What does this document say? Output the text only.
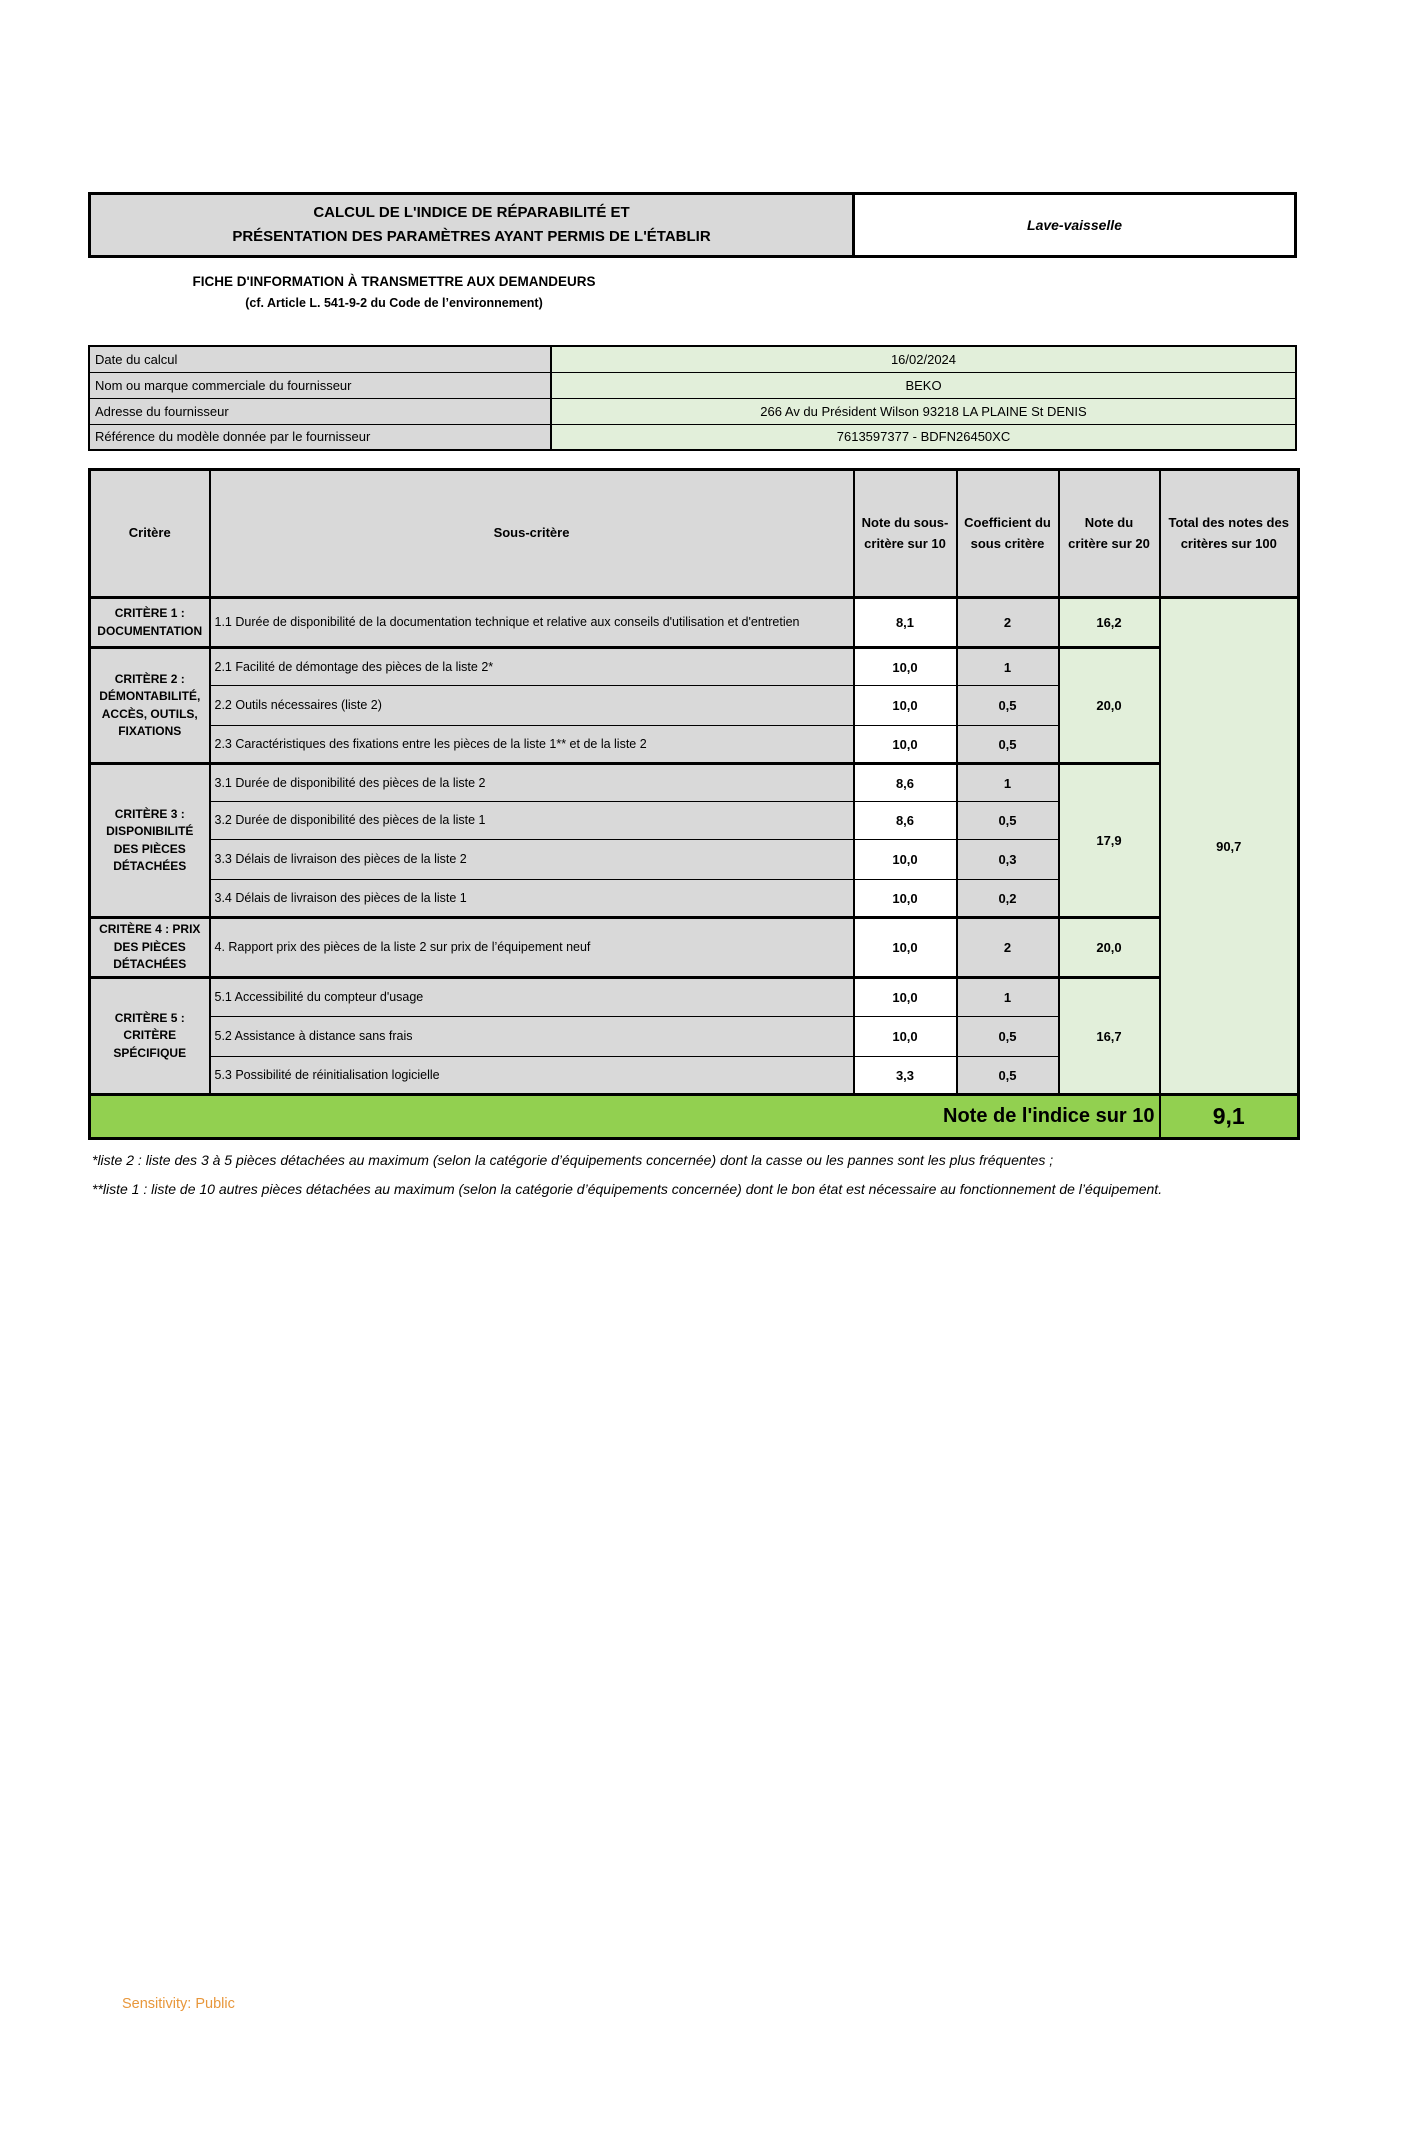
CALCUL DE L'INDICE DE RÉPARABILITÉ ET
PRÉSENTATION DES PARAMÈTRES AYANT PERMIS DE L'ÉTABLIR
Lave-vaisselle
FICHE D'INFORMATION À TRANSMETTRE AUX DEMANDEURS
(cf. Article L. 541-9-2 du Code de l’environnement)
Date du calcul	16/02/2024
Nom ou marque commerciale du fournisseur	BEKO
Adresse du fournisseur	266 Av du Président Wilson 93218 LA PLAINE St DENIS
Référence du modèle donnée par le fournisseur	7613597377 - BDFN26450XC
Critère	Sous-critère	Note du sous-critère sur 10	Coefficient du sous critère	Note du critère sur 20	Total des notes des critères sur 100
CRITÈRE 1 : DOCUMENTATION	1.1 Durée de disponibilité de la documentation technique et relative aux conseils d'utilisation et d'entretien	8,1	2	16,2	90,7
CRITÈRE 2 : DÉMONTABILITÉ, ACCÈS, OUTILS, FIXATIONS	2.1 Facilité de démontage des pièces de la liste 2*	10,0	1	20,0	
	2.2 Outils nécessaires (liste 2)	10,0	0,5		
	2.3 Caractéristiques des fixations entre les pièces de la liste 1** et de la liste 2	10,0	0,5		
CRITÈRE 3 : DISPONIBILITÉ DES PIÈCES DÉTACHÉES	3.1 Durée de disponibilité des pièces de la liste 2	8,6	1	17,9	
	3.2 Durée de disponibilité des pièces de la liste 1	8,6	0,5		
	3.3 Délais de livraison des pièces de la liste 2	10,0	0,3		
	3.4 Délais de livraison des pièces de la liste 1	10,0	0,2		
CRITÈRE 4 : PRIX DES PIÈCES DÉTACHÉES	4. Rapport prix des pièces de la liste 2 sur prix de l’équipement neuf	10,0	2	20,0	
CRITÈRE 5 : CRITÈRE SPÉCIFIQUE	5.1 Accessibilité du compteur d'usage	10,0	1	16,7	
	5.2 Assistance à distance sans frais	10,0	0,5		
	5.3 Possibilité de réinitialisation logicielle	3,3	0,5		
Note de l'indice sur 10					9,1
*liste 2 : liste des 3 à 5 pièces détachées au maximum (selon la catégorie d’équipements concernée) dont la casse ou les pannes sont les plus fréquentes ;
**liste 1 : liste de 10 autres pièces détachées au maximum (selon la catégorie d’équipements concernée) dont le bon état est nécessaire au fonctionnement de l’équipement.
Sensitivity: Public
